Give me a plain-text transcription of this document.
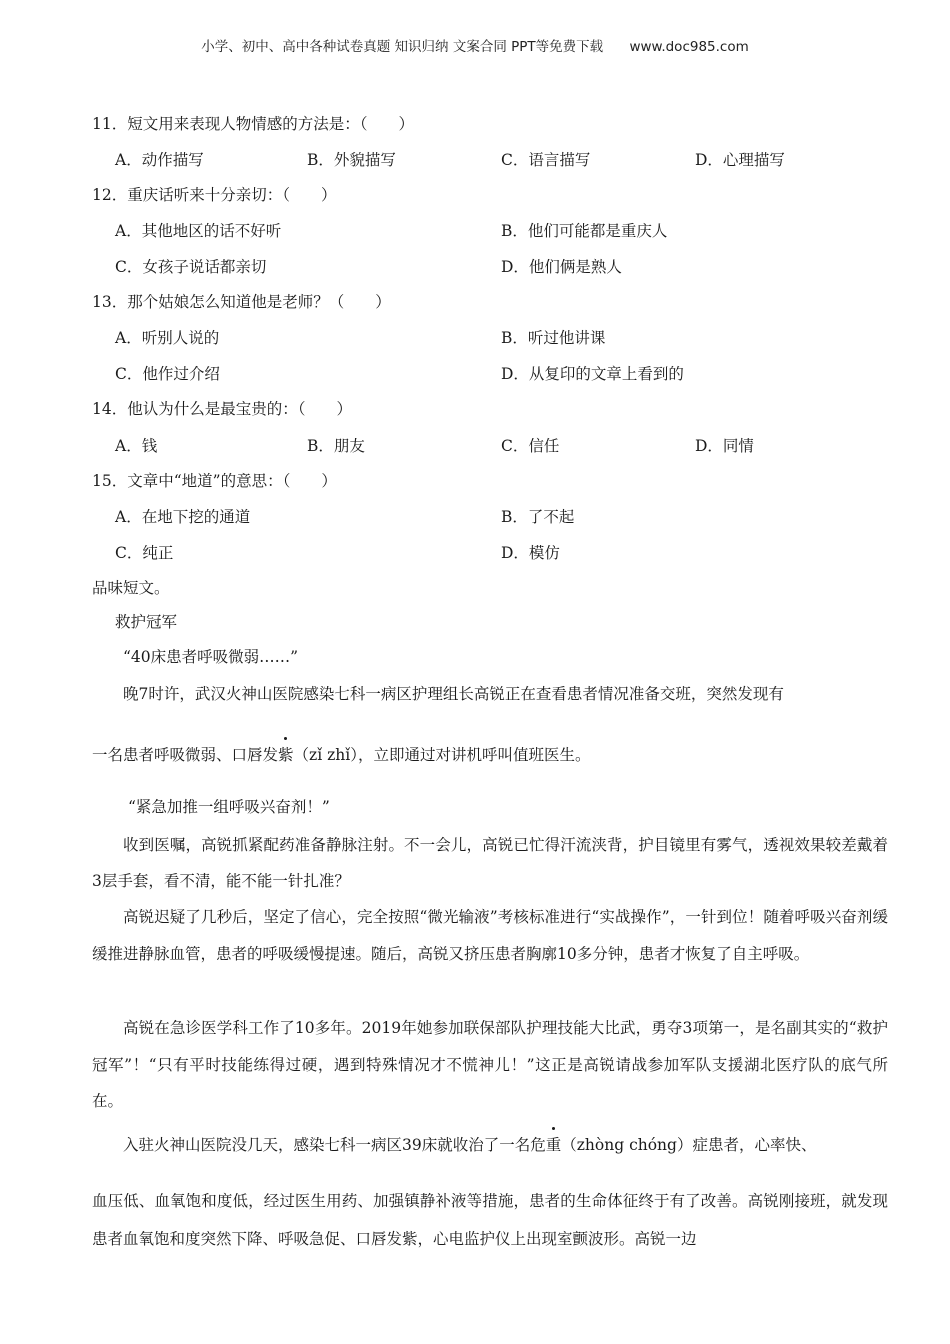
小学、初中、高中各种试卷真题 知识归纳 文案合同 PPT等免费下载 www.doc985.com
11．短文用来表现人物情感的方法是：（　　）
A．动作描写	B．外貌描写	C．语言描写	D．心理描写
12．重庆话听来十分亲切：（　　）
A．其他地区的话不好听	B．他们可能都是重庆人
C．女孩子说话都亲切	D．他们俩是熟人
13．那个姑娘怎么知道他是老师？（　　）
A．听别人说的	B．听过他讲课
C．他作过介绍	D．从复印的文章上看到的
14．他认为什么是最宝贵的：（　　）
A．钱	B．朋友	C．信任	D．同情
15．文章中“地道”的意思：（　　）
A．在地下挖的通道	B．了不起
C．纯正	D．模仿
品味短文。
救护冠军
“40床患者呼吸微弱……”
晚7时许，武汉火神山医院感染七科一病区护理组长高锐正在查看患者情况准备交班，突然发现有
一名患者呼吸微弱、口唇发紫（zǐ zhǐ），立即通过对讲机呼叫值班医生。
“紧急加推一组呼吸兴奋剂！”
收到医嘱，高锐抓紧配药准备静脉注射。不一会儿，高锐已忙得汗流浃背，护目镜里有雾气，透视效果较差戴着3层手套，看不清，能不能一针扎准？
高锐迟疑了几秒后，坚定了信心，完全按照“微光输液”考核标准进行“实战操作”，一针到位！随着呼吸兴奋剂缓缓推进静脉血管，患者的呼吸缓慢提速。随后，高锐又挤压患者胸廓10多分钟，患者才恢复了自主呼吸。
高锐在急诊医学科工作了10多年。2019年她参加联保部队护理技能大比武，勇夺3项第一，是名副其实的“救护冠军”！“只有平时技能练得过硬，遇到特殊情况才不慌神儿！”这正是高锐请战参加军队支援湖北医疗队的底气所在。
入驻火神山医院没几天，感染七科一病区39床就收治了一名危重（zhòng chóng）症患者，心率快、
血压低、血氧饱和度低，经过医生用药、加强镇静补液等措施，患者的生命体征终于有了改善。高锐刚接班，就发现患者血氧饱和度突然下降、呼吸急促、口唇发紫，心电监护仪上出现室颤波形。高锐一边
